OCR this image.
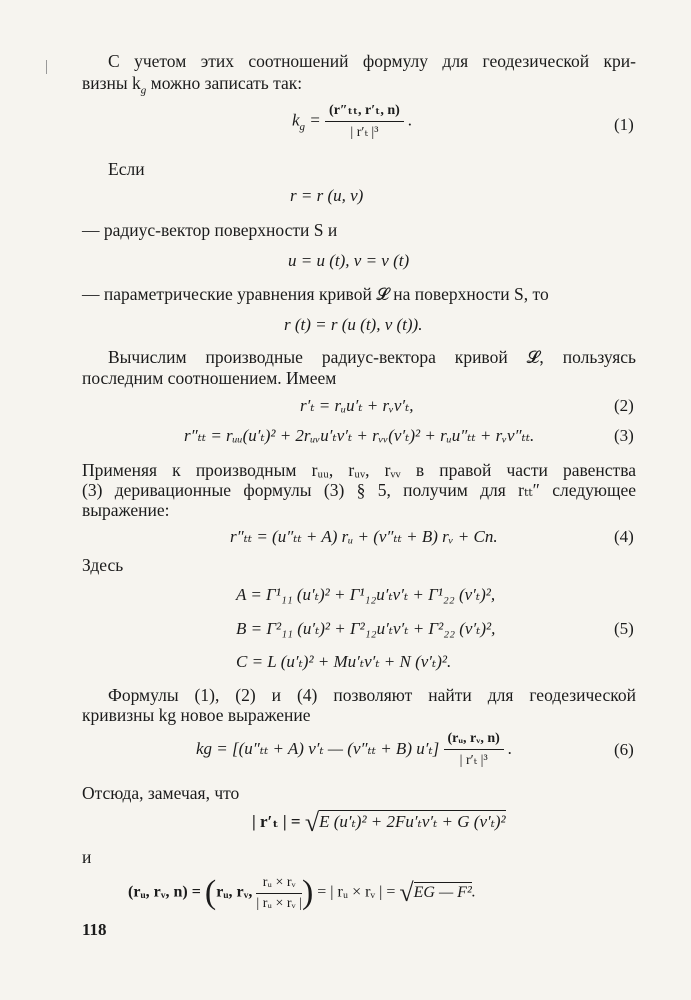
С учетом этих соотношений формулу для геодезической кри-
визны $k_g$ можно записать так:
$k_g = \frac{\text{(r″ₜₜ, r′ₜ, n)}}{\text{| r′ₜ |³}}$ .	(1)
Если
r = r (u, v)
— радиус-вектор поверхности S и
u = u (t), v = v (t)
— параметрические уравнения кривой 𝓛 на поверхности S, то
r (t) = r (u (t), v (t)).
Вычислим производные радиус-вектора кривой 𝓛, пользуясь
последним соотношением. Имеем
r′ₜ = rᵤu′ₜ + rᵥv′ₜ,	(2)
r″ₜₜ = rᵤᵤ(u′ₜ)² + 2rᵤᵥu′ₜv′ₜ + rᵥᵥ(v′ₜ)² + rᵤu″ₜₜ + rᵥv″ₜₜ.	(3)
Применяя к производным rᵤᵤ, rᵤᵥ, rᵥᵥ в правой части равенства
(3) деривационные формулы (3) § 5, получим для rₜₜ″ следующее
выражение:
r″ₜₜ = (u″ₜₜ + A) rᵤ + (v″ₜₜ + B) rᵥ + Cn.	(4)
Здесь
A = Γ¹₁₁ (u′ₜ)² + Γ¹₁₂u′ₜv′ₜ + Γ¹₂₂ (v′ₜ)²,
B = Γ²₁₁ (u′ₜ)² + Γ²₁₂u′ₜv′ₜ + Γ²₂₂ (v′ₜ)²,
C = L (u′ₜ)² + Mu′ₜv′ₜ + N (v′ₜ)².
(5)
Формулы (1), (2) и (4) позволяют найти для геодезической
кривизны kg новое выражение
kg = [(u″ₜₜ + A) v′ₜ — (v″ₜₜ + B) $u'_t] \frac{\text{(rᵤ, rᵥ, n)}}{\text{| r′ₜ |³}}$ .	(6)
Отсюда, замечая, что
| r′ₜ | = √E (u′ₜ)² + 2Fu′ₜv′ₜ + G (v′ₜ)²
и
(rᵤ, rᵥ, n) = (rᵤ, rᵥ, $\frac{\text{rᵤ × rᵥ}}{\text{| rᵤ × rᵥ |}}$ ) = | rᵤ × rᵥ | = √EG — F².
118
